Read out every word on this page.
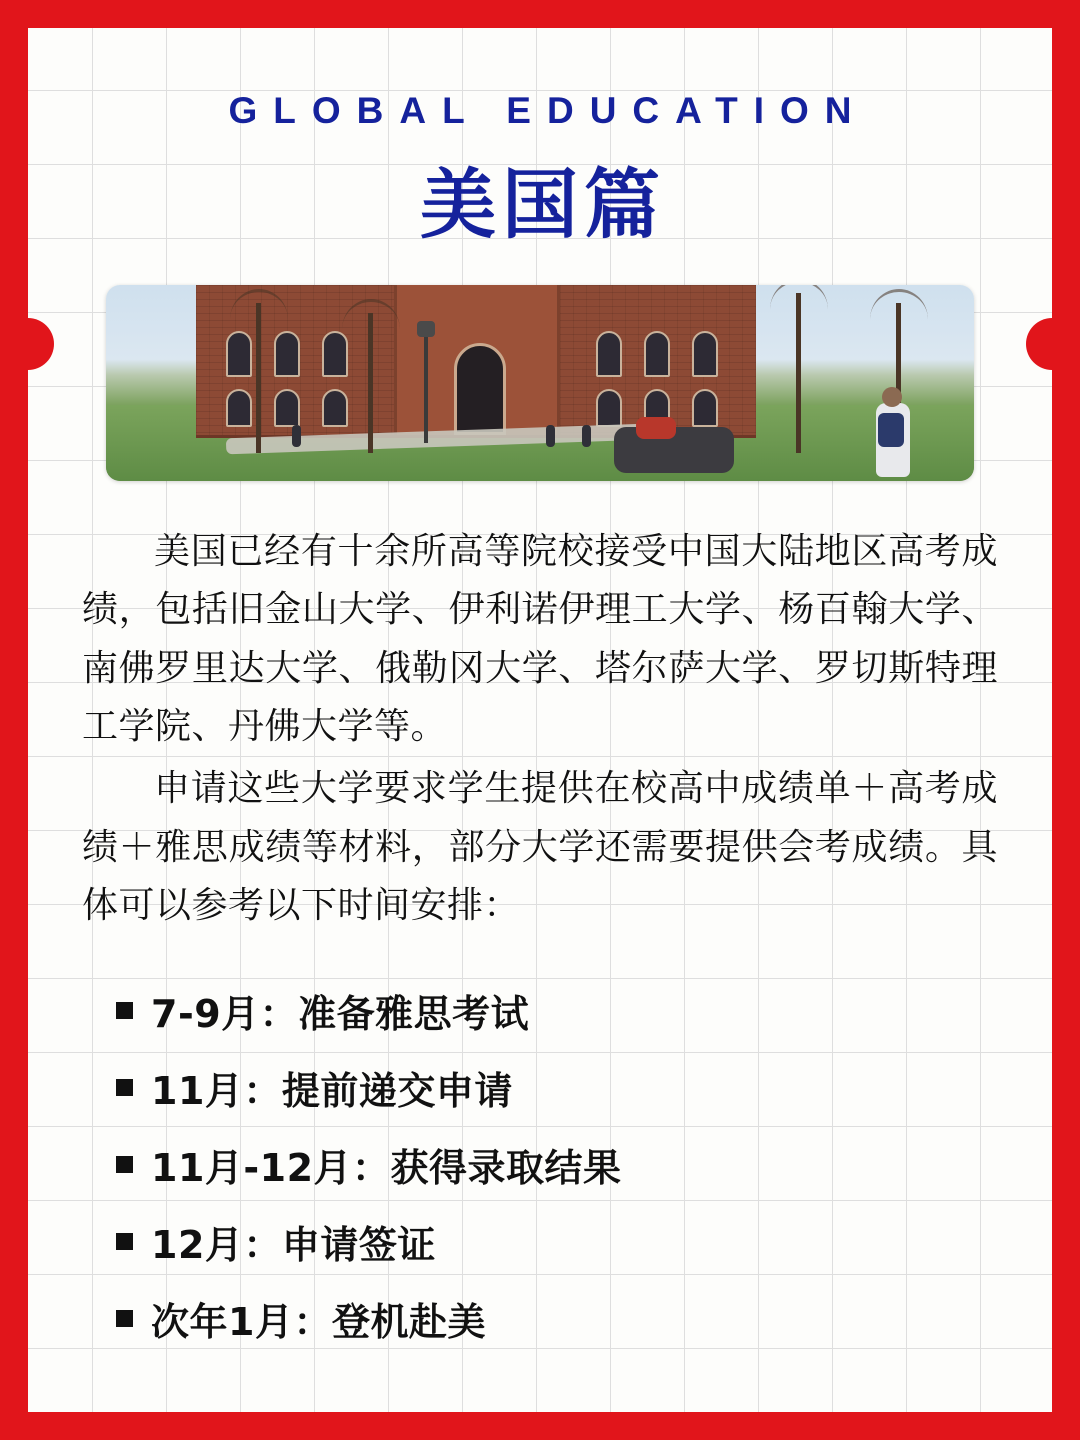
GLOBAL EDUCATION
美国篇

美国已经有十余所高等院校接受中国大陆地区高考成绩，包括旧金山大学、伊利诺伊理工大学、杨百翰大学、南佛罗里达大学、俄勒冈大学、塔尔萨大学、罗切斯特理工学院、丹佛大学等。

申请这些大学要求学生提供在校高中成绩单＋高考成绩＋雅思成绩等材料，部分大学还需要提供会考成绩。具体可以参考以下时间安排：

7-9月：准备雅思考试
11月：提前递交申请
11月-12月：获得录取结果
12月：申请签证
次年1月：登机赴美
